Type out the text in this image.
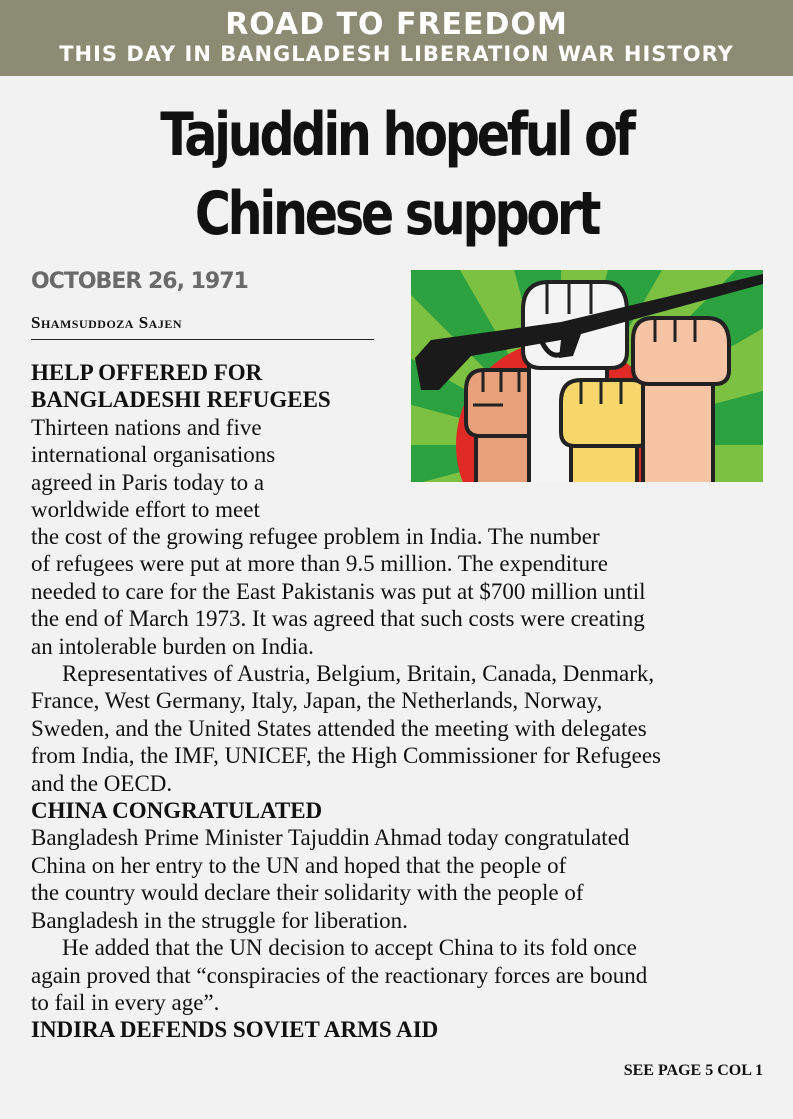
ROAD TO FREEDOM
THIS DAY IN BANGLADESH LIBERATION WAR HISTORY
Tajuddin hopeful of
Chinese support
OCTOBER 26, 1971
Shamsuddoza Sajen
HELP OFFERED FOR
BANGLADESHI REFUGEES
Thirteen nations and five
international organisations
agreed in Paris today to a
worldwide effort to meet
the cost of the growing refugee problem in India. The number
of refugees were put at more than 9.5 million. The expenditure
needed to care for the East Pakistanis was put at $700 million until
the end of March 1973. It was agreed that such costs were creating
an intolerable burden on India.
Representatives of Austria, Belgium, Britain, Canada, Denmark,
France, West Germany, Italy, Japan, the Netherlands, Norway,
Sweden, and the United States attended the meeting with delegates
from India, the IMF, UNICEF, the High Commissioner for Refugees
and the OECD.
CHINA CONGRATULATED
Bangladesh Prime Minister Tajuddin Ahmad today congratulated
China on her entry to the UN and hoped that the people of
the country would declare their solidarity with the people of
Bangladesh in the struggle for liberation.
He added that the UN decision to accept China to its fold once
again proved that “conspiracies of the reactionary forces are bound
to fail in every age”.
INDIRA DEFENDS SOVIET ARMS AID
SEE PAGE 5 COL 1
